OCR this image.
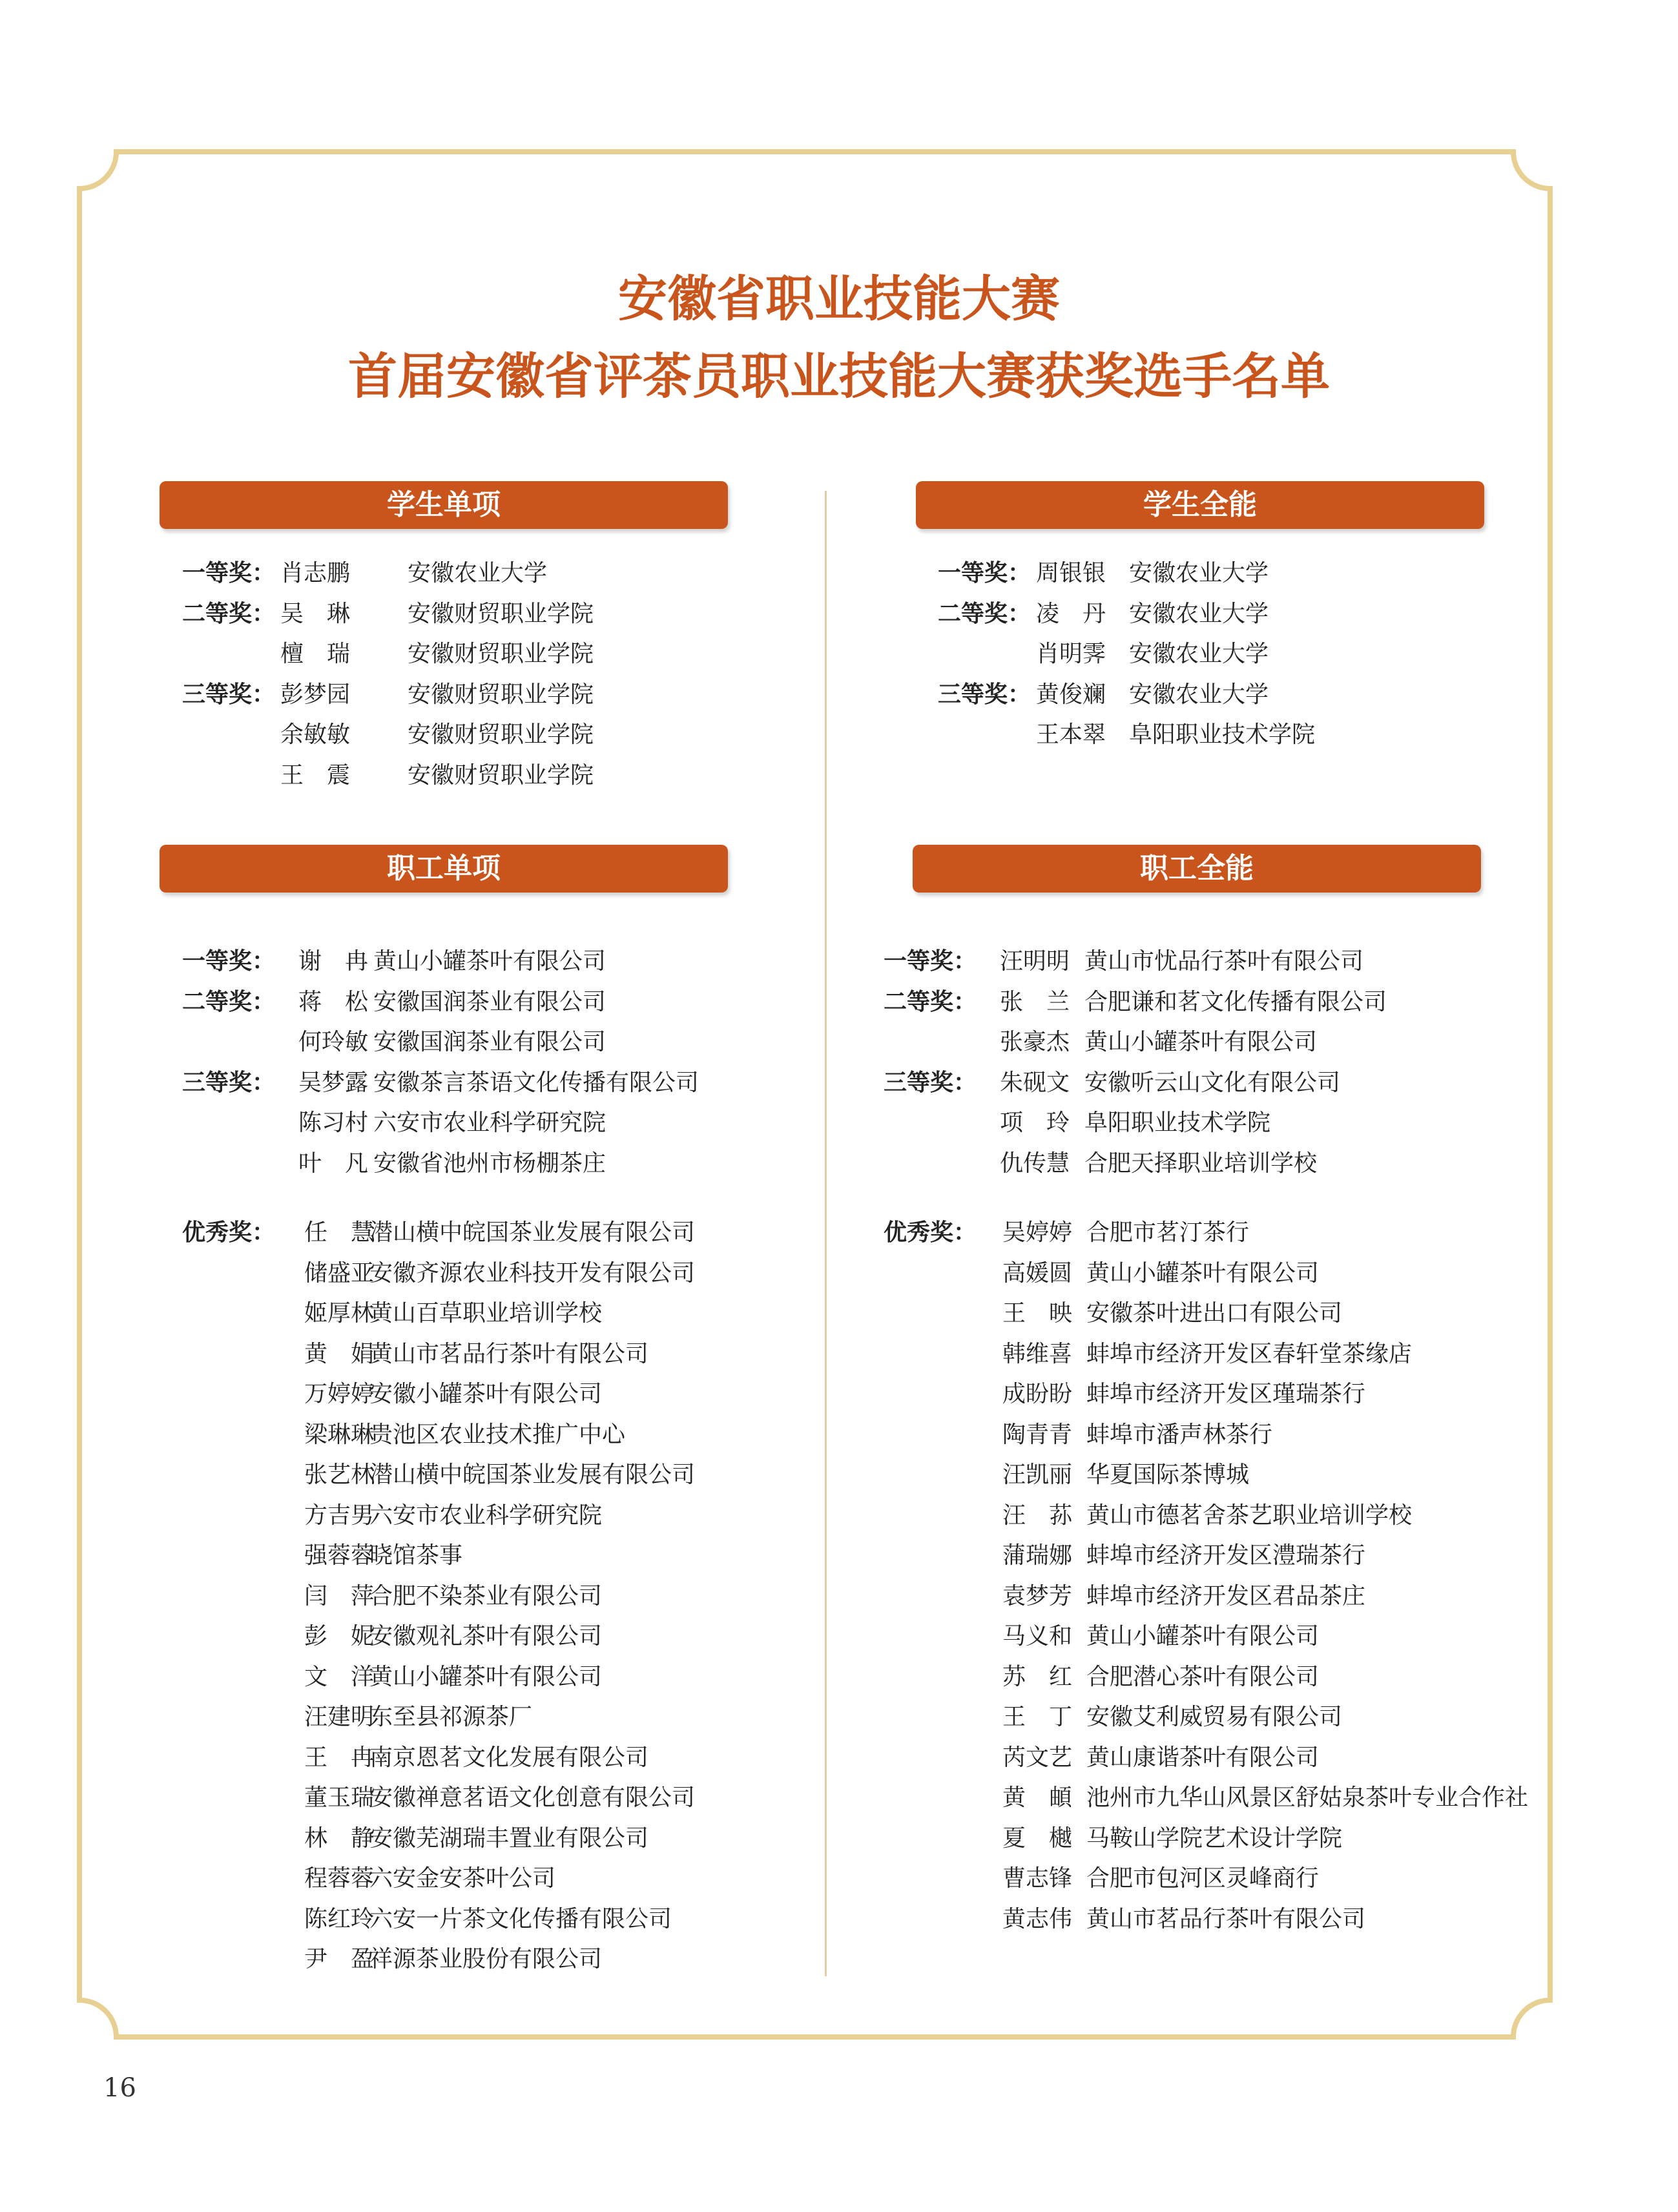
安徽省职业技能大赛
首届安徽省评茶员职业技能大赛获奖选手名单
学生单项
一等奖： 肖志鹏 安徽农业大学
二等奖： 吴　琳 安徽财贸职业学院
檀　瑞 安徽财贸职业学院
三等奖： 彭梦园 安徽财贸职业学院
余敏敏 安徽财贸职业学院
王　震 安徽财贸职业学院
学生全能
一等奖： 周银银 安徽农业大学
二等奖： 凌　丹 安徽农业大学
肖明霁 安徽农业大学
三等奖： 黄俊斓 安徽农业大学
王本翠 阜阳职业技术学院
职工单项
一等奖： 谢　冉 黄山小罐茶叶有限公司
二等奖： 蒋　松 安徽国润茶业有限公司
何玲敏 安徽国润茶业有限公司
三等奖： 吴梦露 安徽茶言茶语文化传播有限公司
陈习村 六安市农业科学研究院
叶　凡 安徽省池州市杨棚茶庄
优秀奖： 任　慧
潜山横中皖国茶业发展有限公司
储盛亚
安徽齐源农业科技开发有限公司
姬厚林
黄山百草职业培训学校
黄　娟
黄山市茗品行茶叶有限公司
万婷婷
安徽小罐茶叶有限公司
梁琳琳
贵池区农业技术推广中心
张艺林
潜山横中皖国茶业发展有限公司
方吉男
六安市农业科学研究院
强蓉蓉
晓馆茶事
闫　萍
合肥不染茶业有限公司
彭　妮
安徽观礼茶叶有限公司
文　洋
黄山小罐茶叶有限公司
汪建明
东至县祁源茶厂
王　冉
南京恩茗文化发展有限公司
董玉瑞
安徽禅意茗语文化创意有限公司
林　静
安徽芜湖瑞丰置业有限公司
程蓉蓉
六安金安茶叶公司
陈红玲
六安一片茶文化传播有限公司
尹　盈
祥源茶业股份有限公司
职工全能
一等奖： 汪明明 黄山市忧品行茶叶有限公司
二等奖： 张　兰 合肥谦和茗文化传播有限公司
张豪杰 黄山小罐茶叶有限公司
三等奖： 朱砚文 安徽听云山文化有限公司
项　玲 阜阳职业技术学院
仇传慧 合肥天择职业培训学校
优秀奖： 吴婷婷 合肥市茗汀茶行
高媛圆 黄山小罐茶叶有限公司
王　映 安徽茶叶进出口有限公司
韩维喜 蚌埠市经济开发区春轩堂茶缘店
成盼盼 蚌埠市经济开发区瑾瑞茶行
陶青青 蚌埠市潘声林茶行
汪凯丽 华夏国际茶博城
汪　荪 黄山市德茗舍茶艺职业培训学校
蒲瑞娜 蚌埠市经济开发区澧瑞茶行
袁梦芳 蚌埠市经济开发区君品茶庄
马义和 黄山小罐茶叶有限公司
苏　红 合肥潜心茶叶有限公司
王　丁 安徽艾利威贸易有限公司
芮文艺 黄山康谐茶叶有限公司
黄　頔 池州市九华山风景区舒姑泉茶叶专业合作社
夏　樾 马鞍山学院艺术设计学院
曹志锋 合肥市包河区灵峰商行
黄志伟 黄山市茗品行茶叶有限公司
16
